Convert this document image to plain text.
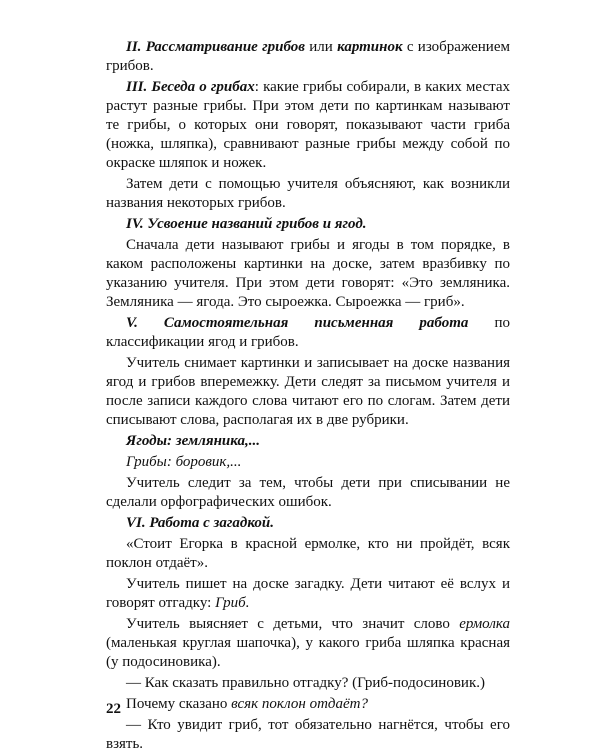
II. Рассматривание грибов или картинок с изображением грибов.

III. Беседа о грибах: какие грибы собирали, в каких местах растут разные грибы. При этом дети по картинкам называют те грибы, о которых они говорят, показывают части гриба (ножка, шляпка), сравнивают разные грибы между собой по окраске шляпок и ножек.

Затем дети с помощью учителя объясняют, как возникли названия некоторых грибов.

IV. Усвоение названий грибов и ягод.

Сначала дети называют грибы и ягоды в том порядке, в каком расположены картинки на доске, затем вразбивку по указанию учителя. При этом дети говорят: «Это земляника. Земляника — ягода. Это сыроежка. Сыроежка — гриб».

V. Самостоятельная письменная работа по классификации ягод и грибов.

Учитель снимает картинки и записывает на доске названия ягод и грибов вперемежку. Дети следят за письмом учителя и после записи каждого слова читают его по слогам. Затем дети списывают слова, располагая их в две рубрики.

Ягоды: земляника,...

Грибы: боровик,...

Учитель следит за тем, чтобы дети при списывании не сделали орфографических ошибок.

VI. Работа с загадкой.

«Стоит Егорка в красной ермолке, кто ни пройдёт, всяк поклон отдаёт».

Учитель пишет на доске загадку. Дети читают её вслух и говорят отгадку: Гриб.

Учитель выясняет с детьми, что значит слово ермолка (маленькая круглая шапочка), у какого гриба шляпка красная (у подосиновика).

— Как сказать правильно отгадку? (Гриб-подосиновик.)

Почему сказано всяк поклон отдаёт?

— Кто увидит гриб, тот обязательно нагнётся, чтобы его взять.

22
